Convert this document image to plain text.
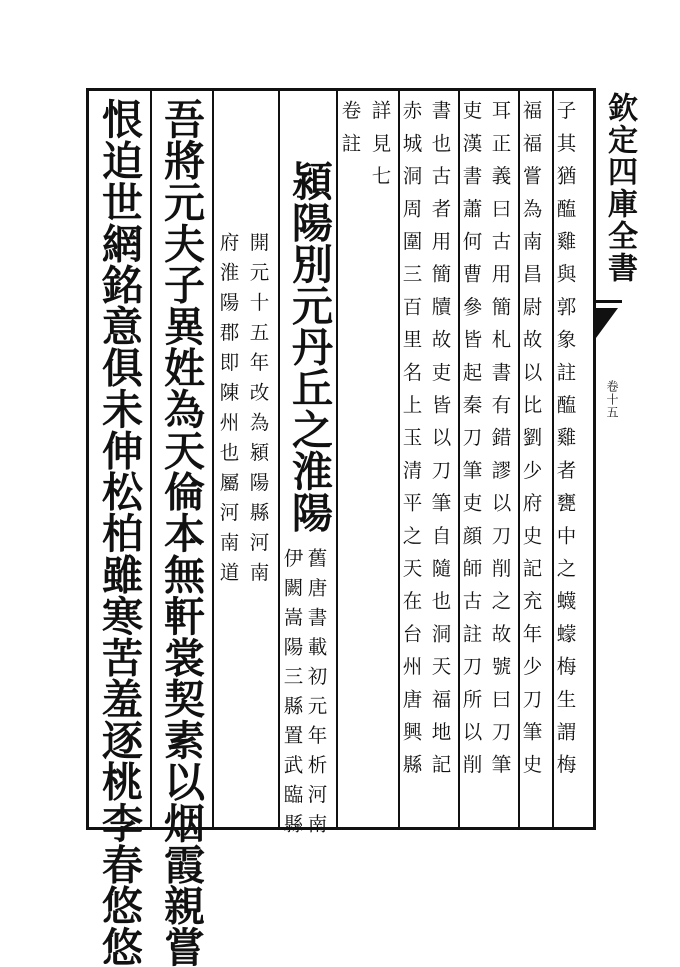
欽定四庫全書
卷十五
子其猶醢雞與郭象註醢雞者甕中之蠛蠓梅生謂梅
福福嘗為南昌尉故以比劉少府史記充年少刀筆史
耳正義曰古用簡札書有錯謬以刀削之故號曰刀筆
吏漢書蕭何曹參皆起秦刀筆吏顔師古註刀所以削
書也古者用簡牘故吏皆以刀筆自隨也洞天福地記
赤城洞周圍三百里名上玉清平之天在台州唐興縣
詳見七
卷註
潁陽別元丹丘之淮陽
舊唐書載初元年析河南
伊闕嵩陽三縣置武臨縣
開元十五年改為潁陽縣河南
府淮陽郡即陳州也屬河南道
吾將元夫子異姓為天倫本無軒裳契素以烟霞親嘗
恨迫世網銘意俱未伸松柏雖寒苦羞逐桃李春悠悠
